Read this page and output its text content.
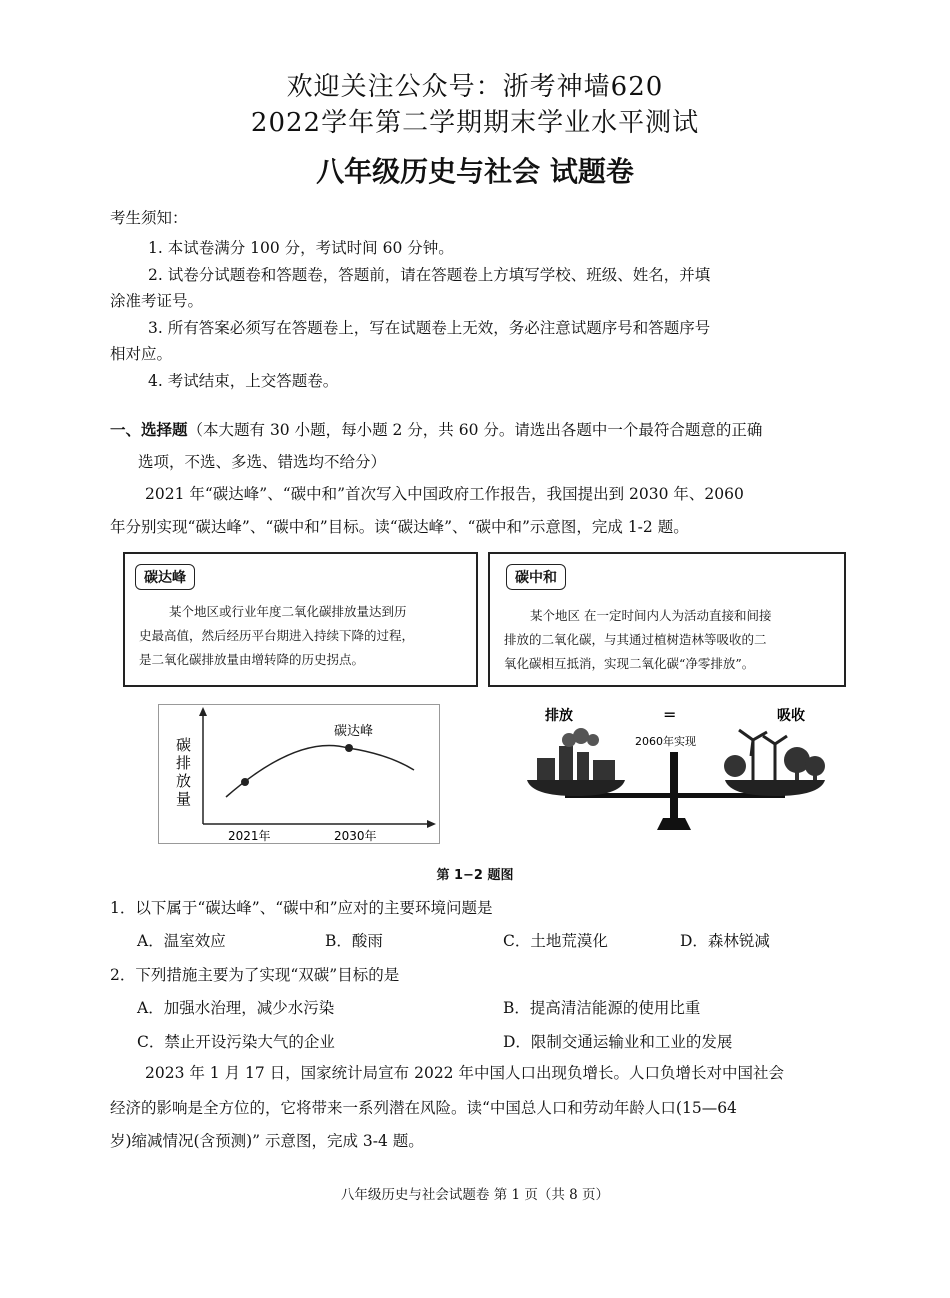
欢迎关注公众号：浙考神墙620
2022学年第二学期期末学业水平测试
八年级历史与社会 试题卷
考生须知：
1. 本试卷满分 100 分，考试时间 60 分钟。
2. 试卷分试题卷和答题卷，答题前，请在答题卷上方填写学校、班级、姓名，并填
涂准考证号。
3. 所有答案必须写在答题卷上，写在试题卷上无效，务必注意试题序号和答题序号
相对应。
4. 考试结束，上交答题卷。
一、选择题（本大题有 30 小题，每小题 2 分，共 60 分。请选出各题中一个最符合题意的正确
选项，不选、多选、错选均不给分）
2021 年“碳达峰”、“碳中和”首次写入中国政府工作报告，我国提出到 2030 年、2060
年分别实现“碳达峰”、“碳中和”目标。读“碳达峰”、“碳中和”示意图，完成 1-2 题。
碳达峰
某个地区或行业年度二氧化碳排放量达到历
史最高值，然后经历平台期进入持续下降的过程，
是二氧化碳排放量由增转降的历史拐点。
碳中和
某个地区 在一定时间内人为活动直接和间接
排放的二氧化碳，与其通过植树造林等吸收的二
氧化碳相互抵消，实现二氧化碳“净零排放”。
碳
排
放
量
碳达峰
2021年	2030年
排放	=	吸收
2060年实现
第 1−2 题图
1．以下属于“碳达峰”、“碳中和”应对的主要环境问题是
A．温室效应	B．酸雨	C．土地荒漠化	D．森林锐减
2．下列措施主要为了实现“双碳”目标的是
A．加强水治理，减少水污染	B．提高清洁能源的使用比重
C．禁止开设污染大气的企业	D．限制交通运输业和工业的发展
2023 年 1 月 17 日，国家统计局宣布 2022 年中国人口出现负增长。人口负增长对中国社会
经济的影响是全方位的，它将带来一系列潜在风险。读“中国总人口和劳动年龄人口(15—64
岁)缩减情况(含预测)” 示意图，完成 3-4 题。
八年级历史与社会试题卷 第 1 页（共 8 页）
